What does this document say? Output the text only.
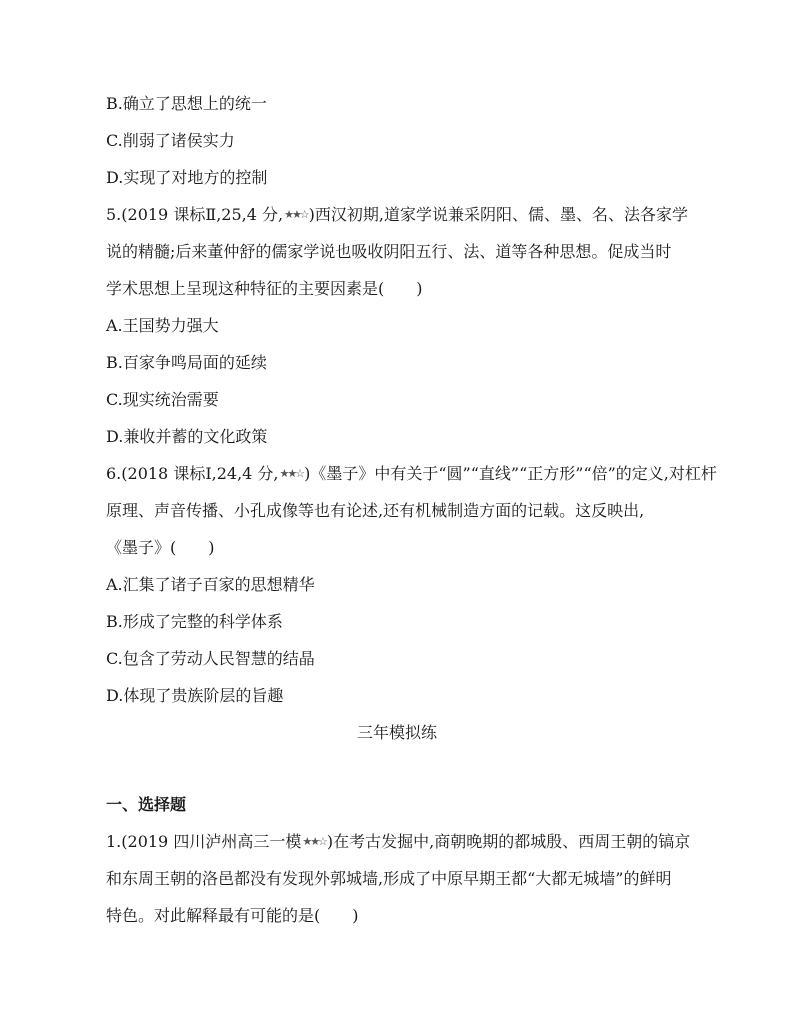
B.确立了思想上的统一
C.削弱了诸侯实力
D.实现了对地方的控制
5.(2019 课标Ⅱ,25,4 分,★★☆)西汉初期,道家学说兼采阴阳、儒、墨、名、法各家学
说的精髓;后来董仲舒的儒家学说也吸收阴阳五行、法、道等各种思想。促成当时
学术思想上呈现这种特征的主要因素是(　　)
A.王国势力强大
B.百家争鸣局面的延续
C.现实统治需要
D.兼收并蓄的文化政策
6.(2018 课标Ⅰ,24,4 分,★★☆)《墨子》中有关于“圆”“直线”“正方形”“倍”的定义,对杠杆
原理、声音传播、小孔成像等也有论述,还有机械制造方面的记载。这反映出,
《墨子》(　　)
A.汇集了诸子百家的思想精华
B.形成了完整的科学体系
C.包含了劳动人民智慧的结晶
D.体现了贵族阶层的旨趣
三年模拟练
一、选择题
1.(2019 四川泸州高三一模★★☆)在考古发掘中,商朝晚期的都城殷、西周王朝的镐京
和东周王朝的洛邑都没有发现外郭城墙,形成了中原早期王都“大都无城墙”的鲜明
特色。对此解释最有可能的是(　　)
